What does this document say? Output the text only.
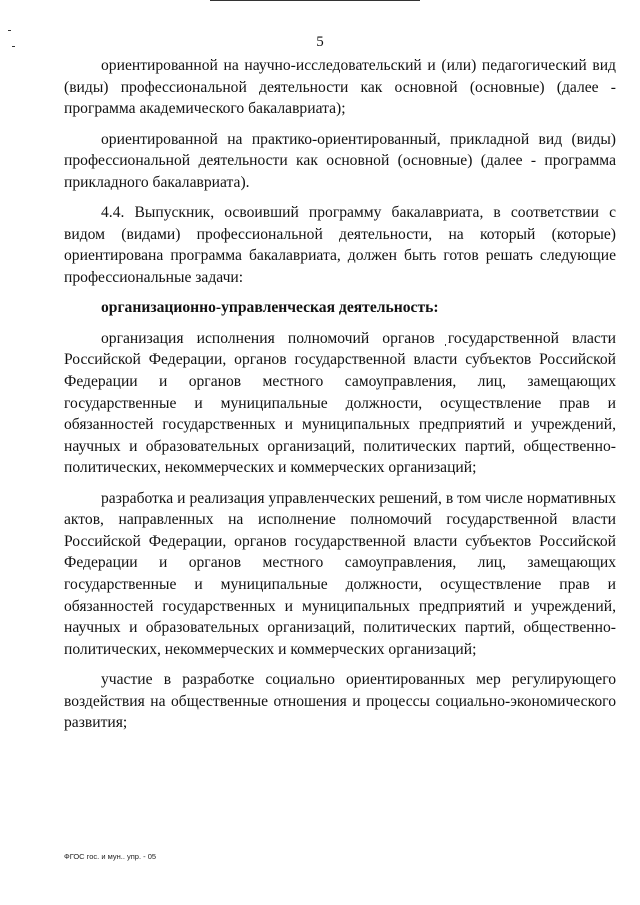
5

ориентированной на научно-исследовательский и (или) педагогический вид (виды) профессиональной деятельности как основной (основные) (далее - программа академического бакалавриата);

ориентированной на практико-ориентированный, прикладной вид (виды) профессиональной деятельности как основной (основные) (далее - программа прикладного бакалавриата).

4.4. Выпускник, освоивший программу бакалавриата, в соответствии с видом (видами) профессиональной деятельности, на который (которые) ориентирована программа бакалавриата, должен быть готов решать следующие профессиональные задачи:

организационно-управленческая деятельность:

организация исполнения полномочий органов государственной власти Российской Федерации, органов государственной власти субъектов Российской Федерации и органов местного самоуправления, лиц, замещающих государственные и муниципальные должности, осуществление прав и обязанностей государственных и муниципальных предприятий и учреждений, научных и образовательных организаций, политических партий, общественно-политических, некоммерческих и коммерческих организаций;

разработка и реализация управленческих решений, в том числе нормативных актов, направленных на исполнение полномочий государственной власти Российской Федерации, органов государственной власти субъектов Российской Федерации и органов местного самоуправления, лиц, замещающих государственные и муниципальные должности, осуществление прав и обязанностей государственных и муниципальных предприятий и учреждений, научных и образовательных организаций, политических партий, общественно-политических, некоммерческих и коммерческих организаций;

участие в разработке социально ориентированных мер регулирующего воздействия на общественные отношения и процессы социально-экономического развития;

ФГОС гос. и мун.. упр. - 05
